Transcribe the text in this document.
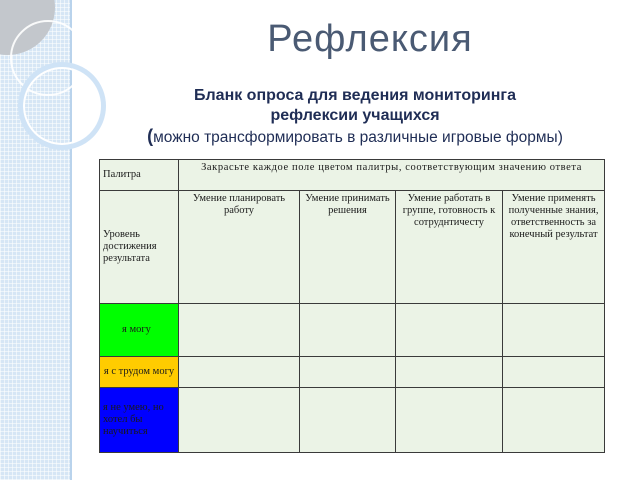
Рефлексия
Бланк опроса для ведения мониторинга
рефлексии учащихся
(можно трансформировать в различные игровые формы)
Палитра	Закрасьте каждое поле цветом палитры, соответствующим значению ответа			
Уровень достижения результата	Умение планировать работу	Умение принимать решения	Умение работать в группе, готовность к сотруднтичесту	Умение применять полученные знания, ответственность за конечный результат
я могу				
я с трудом могу				
я не умею, но хотел бы научиться				
